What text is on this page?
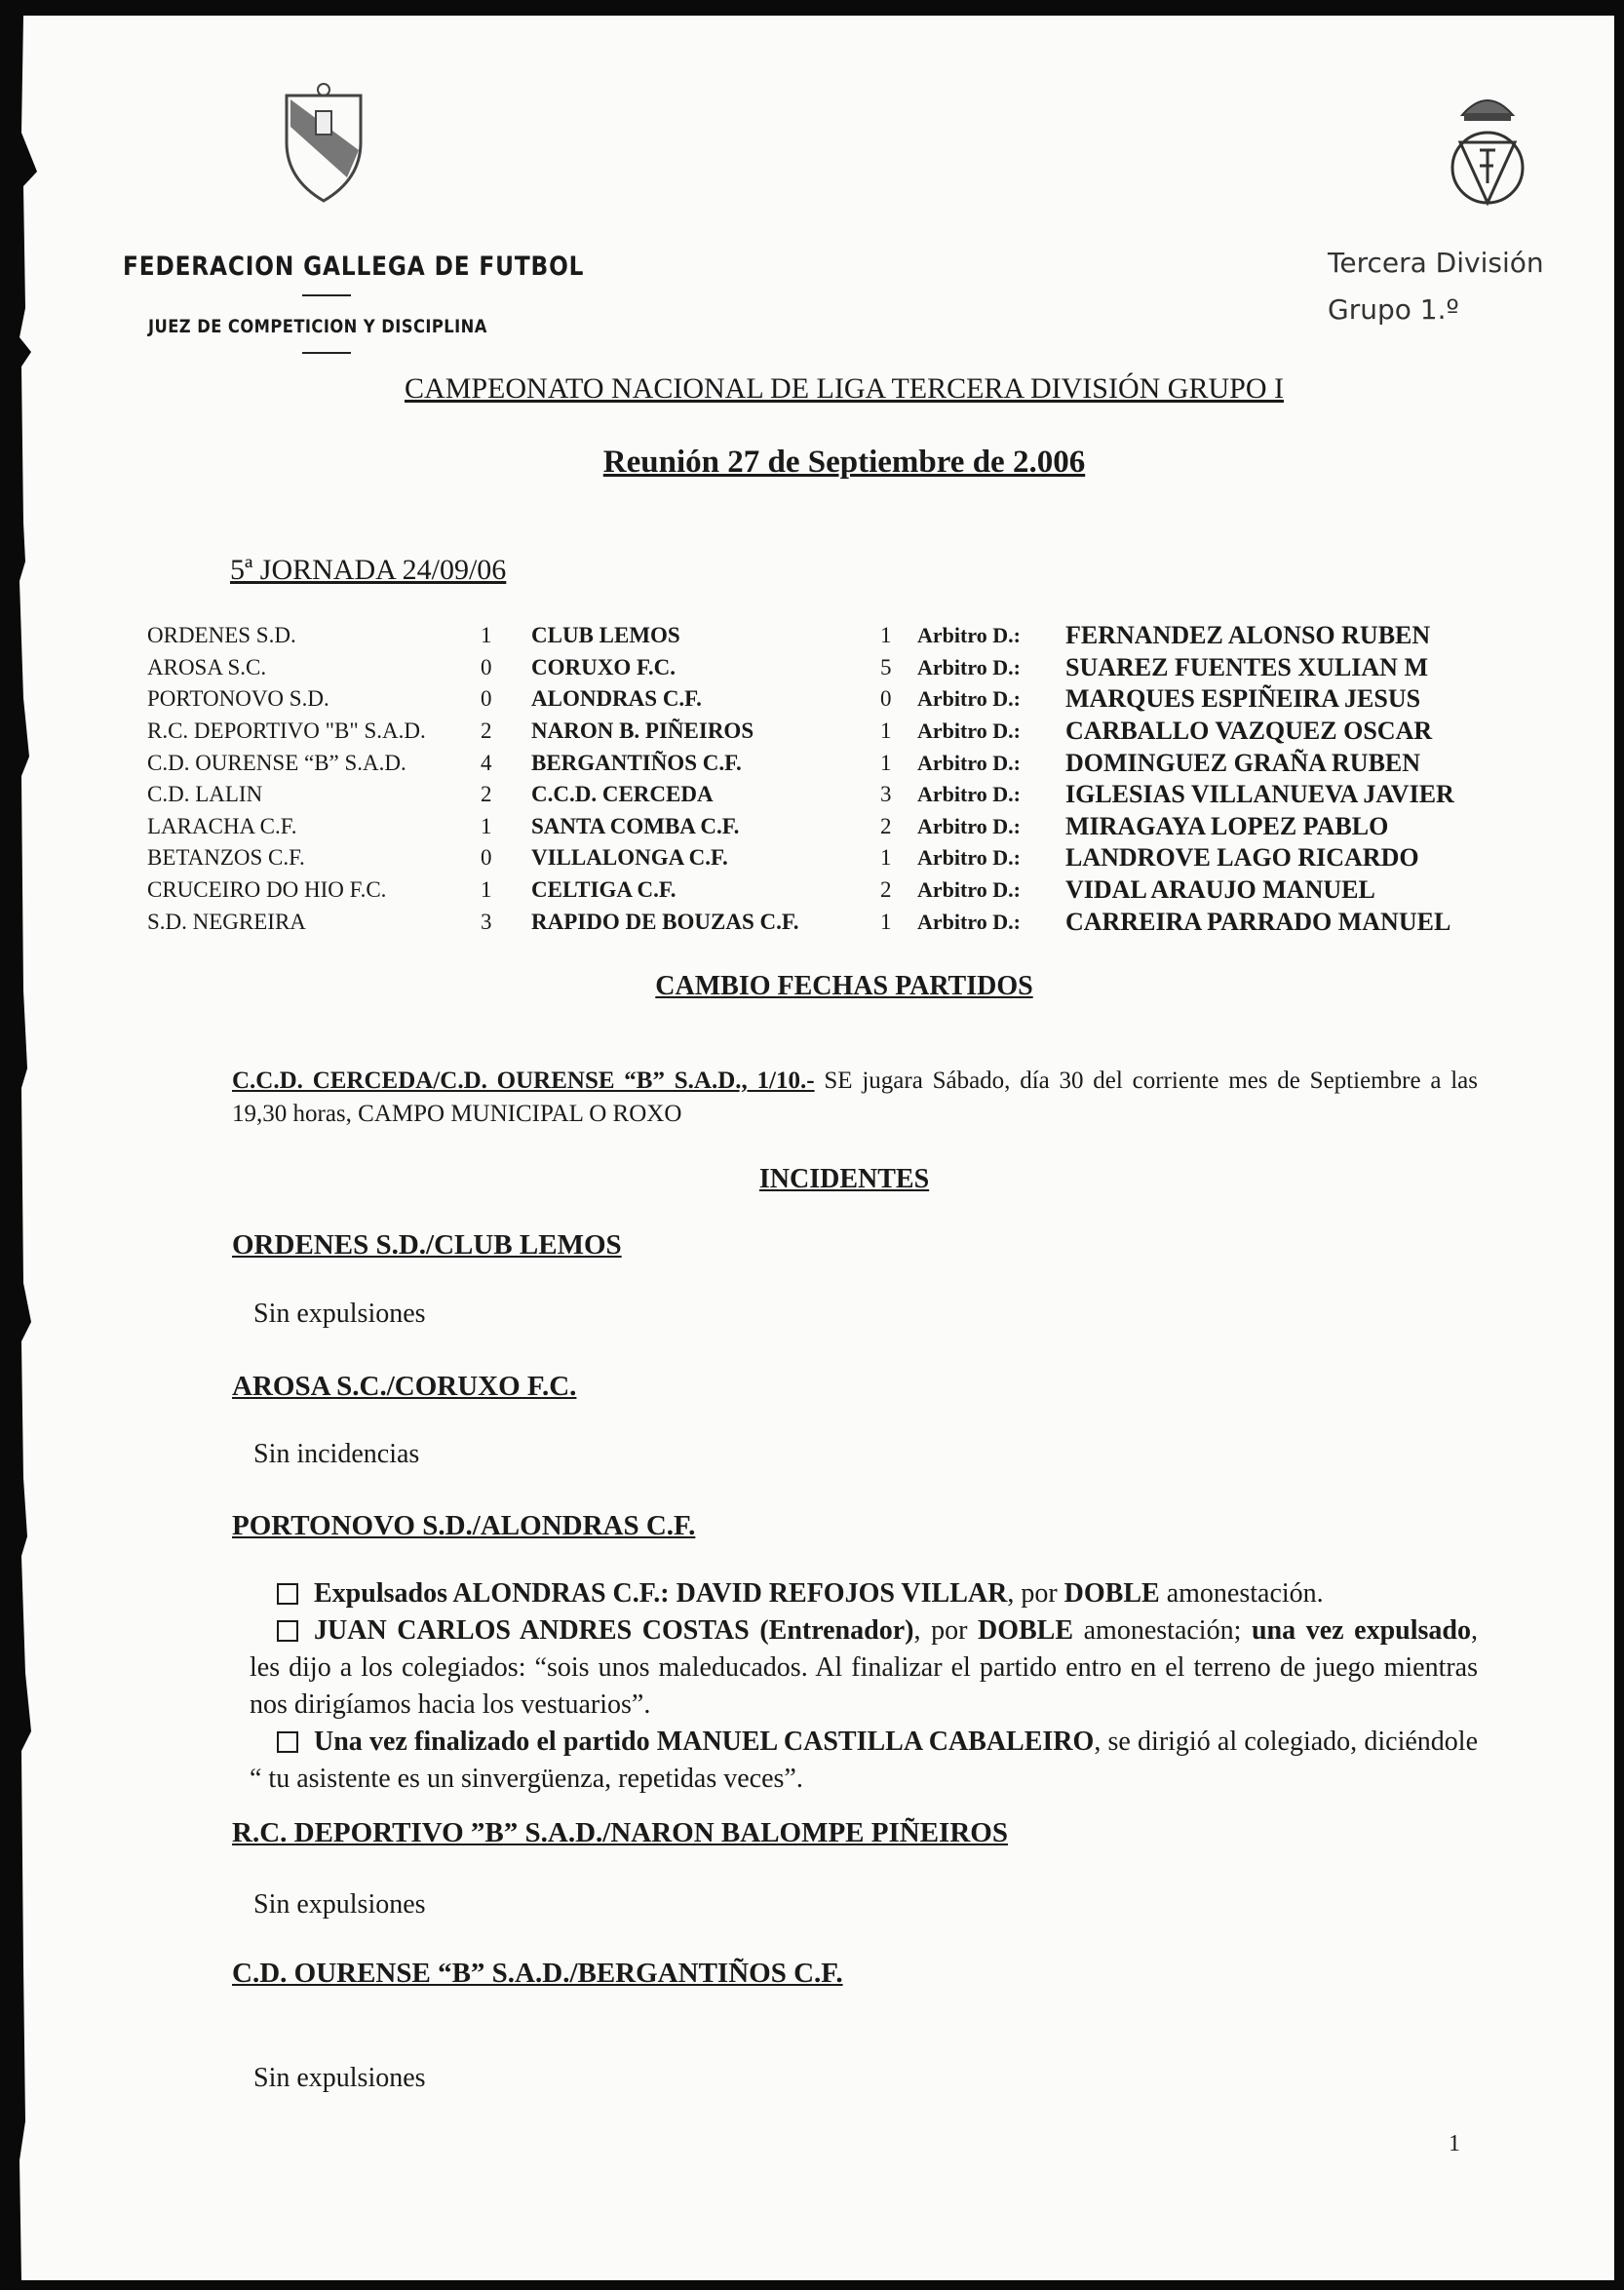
FEDERACION GALLEGA DE FUTBOL
JUEZ DE COMPETICION Y DISCIPLINA
Tercera División
Grupo 1.º
CAMPEONATO NACIONAL DE LIGA TERCERA DIVISIÓN GRUPO I
Reunión 27 de Septiembre de 2.006
5ª JORNADA 24/09/06
ORDENES S.D.	1	CLUB LEMOS	1	Arbitro D.:	FERNANDEZ ALONSO RUBEN
AROSA S.C.	0	CORUXO F.C.	5	Arbitro D.:	SUAREZ FUENTES XULIAN M
PORTONOVO S.D.	0	ALONDRAS C.F.	0	Arbitro D.:	MARQUES ESPIÑEIRA JESUS
R.C. DEPORTIVO "B" S.A.D.	2	NARON B. PIÑEIROS	1	Arbitro D.:	CARBALLO VAZQUEZ OSCAR
C.D. OURENSE “B” S.A.D.	4	BERGANTIÑOS C.F.	1	Arbitro D.:	DOMINGUEZ GRAÑA RUBEN
C.D. LALIN	2	C.C.D. CERCEDA	3	Arbitro D.:	IGLESIAS VILLANUEVA JAVIER
LARACHA C.F.	1	SANTA COMBA C.F.	2	Arbitro D.:	MIRAGAYA LOPEZ PABLO
BETANZOS C.F.	0	VILLALONGA C.F.	1	Arbitro D.:	LANDROVE LAGO RICARDO
CRUCEIRO DO HIO F.C.	1	CELTIGA C.F.	2	Arbitro D.:	VIDAL ARAUJO MANUEL
S.D. NEGREIRA	3	RAPIDO DE BOUZAS C.F.	1	Arbitro D.:	CARREIRA PARRADO MANUEL
CAMBIO FECHAS PARTIDOS
C.C.D. CERCEDA/C.D. OURENSE “B” S.A.D., 1/10.- SE jugara Sábado, día 30 del corriente mes de Septiembre a las 19,30 horas, CAMPO MUNICIPAL O ROXO
INCIDENTES
ORDENES S.D./CLUB LEMOS
Sin expulsiones
AROSA S.C./CORUXO F.C.
Sin incidencias
PORTONOVO S.D./ALONDRAS C.F.
Expulsados ALONDRAS C.F.: DAVID REFOJOS VILLAR, por DOBLE amonestación.
JUAN CARLOS ANDRES COSTAS (Entrenador), por DOBLE amonestación; una vez expulsado, les dijo a los colegiados: “sois unos maleducados. Al finalizar el partido entro en el terreno de juego mientras nos dirigíamos hacia los vestuarios”.
Una vez finalizado el partido MANUEL CASTILLA CABALEIRO, se dirigió al colegiado, diciéndole “ tu asistente es un sinvergüenza, repetidas veces”.
R.C. DEPORTIVO ”B” S.A.D./NARON BALOMPE PIÑEIROS
Sin expulsiones
C.D. OURENSE “B” S.A.D./BERGANTIÑOS C.F.
Sin expulsiones
1
